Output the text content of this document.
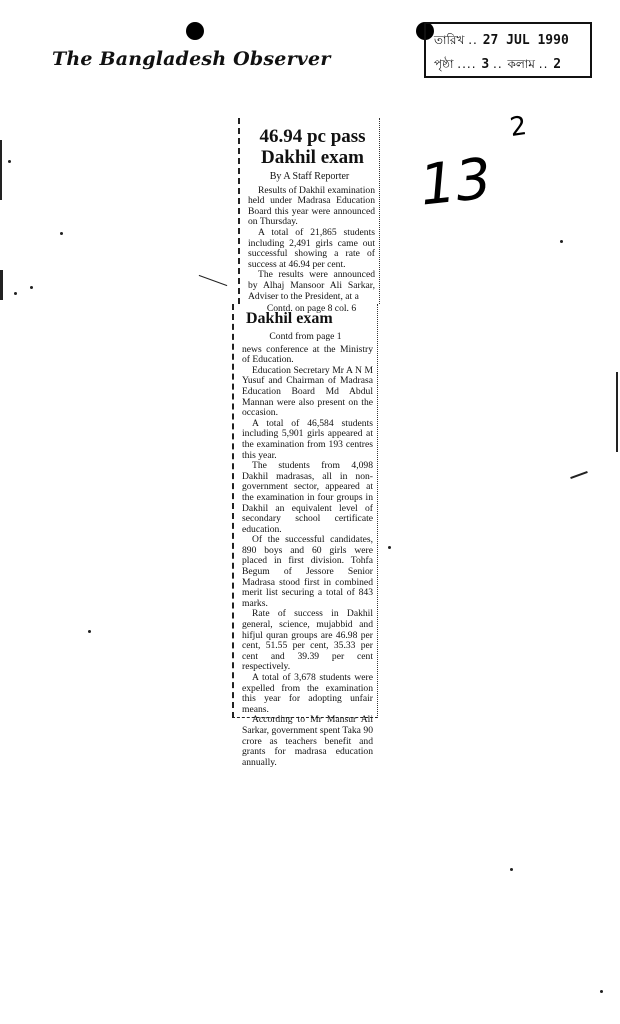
The Bangladesh Observer
তারিখ .. 27 JUL 1990
পৃষ্ঠা .... 3 .. কলাম .. 2
2
13
46.94 pc pass Dakhil exam
By A Staff Reporter
Results of Dakhil examination held under Madrasa Education Board this year were announced on Thursday.
A total of 21,865 students including 2,491 girls came out successful showing a rate of success at 46.94 per cent.
The results were announced by Alhaj Mansoor Ali Sarkar, Adviser to the President, at a
Contd. on page 8 col. 6
Dakhil exam
Contd from page 1
news conference at the Ministry of Education.
Education Secretary Mr A N M Yusuf and Chairman of Madrasa Education Board Md Abdul Mannan were also present on the occasion.
A total of 46,584 students including 5,901 girls appeared at the examination from 193 centres this year.
The students from 4,098 Dakhil madrasas, all in non-government sector, appeared at the examination in four groups in Dakhil an equivalent level of secondary school certificate education.
Of the successful candidates, 890 boys and 60 girls were placed in first division. Tohfa Begum of Jessore Senior Madrasa stood first in combined merit list securing a total of 843 marks.
Rate of success in Dakhil general, science, mujabbid and hifjul quran groups are 46.98 per cent, 51.55 per cent, 35.33 per cent and 39.39 per cent respectively.
A total of 3,678 students were expelled from the examination this year for adopting unfair means.
According to Mr Mansur Ali Sarkar, government spent Taka 90 crore as teachers benefit and grants for madrasa education annually.
